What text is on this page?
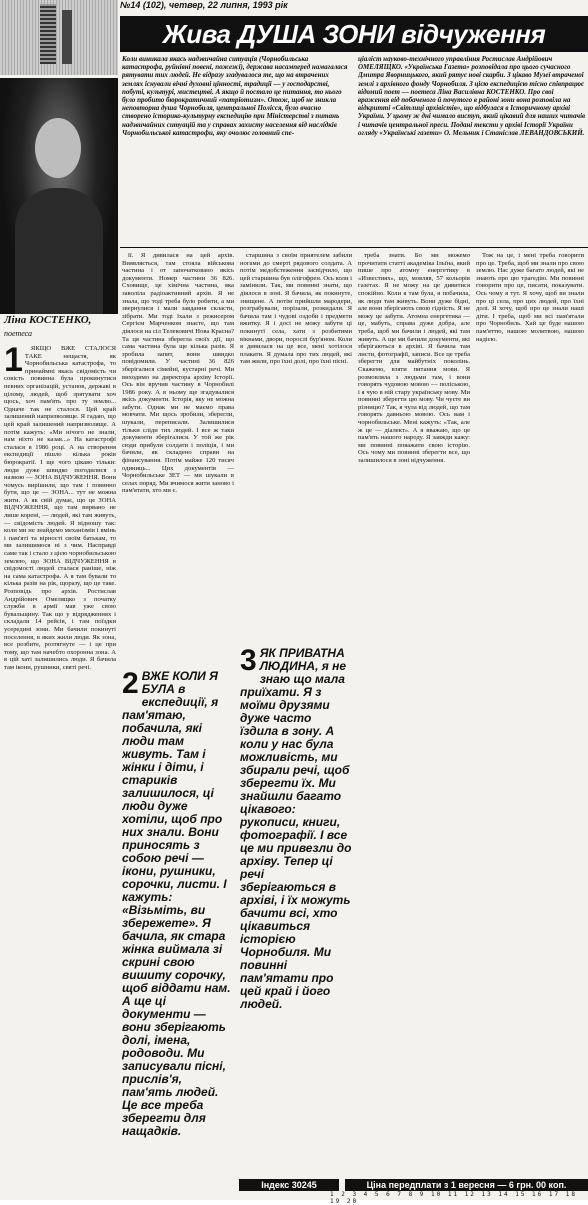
№14 (102), четвер, 22 липня, 1993 рік
Жива ДУША ЗОНИ відчуження
Коли виникала якась надзвичайна ситуація (Чорнобильська катастрофа, руйнівні повені, пожежі), держава насамперед намагалася рятувати тих людей. Не відразу згадувалося те, що на втрачених землях існували вічні духовні цінності, традиції — у господарстві, побуті, культурі, мистецтві. А якщо й постало це питання, то нього було пробито бюрократичний «патріотизм». Отож, щоб не зникла неповторна душа Чорнобиля, центральної Полісся, було вчасно створено історико-культурну експедицію при Міністерстві з питань надзвичайних ситуацій та у справах захисту населення від наслідків Чорнобильської катастрофи, яку очолює головний спе-
ціаліст науково-технічного управління Ростислав Андрійович ОМЕЛЯЩКО. «Українська Газета» розповідала про цього сучасного Дмитра Яворницького, який рятує нові скарби. З цікаво Музеї втраченої землі з архівного фонду Чорнобиля. З цією експедицією тісно співпрацює відомий поет — поетеса Ліна Василівна КОСТЕНКО. Про свої враження від побаченого й почутого в районі зони вона розповіла на відкритті «Світлиці архівістів», що відбулася в Історичному архіві України. У цьому ж дні чимало виступ, який цікавий для наших читачів і читачів центральної преси. Подані тексти у архіві Історії України огляду «Українські газети» О. Мельник і Станіслав ЛЕВАНДОВСЬКИЙ.
Ліна КОСТЕНКО,
поетеса
1	ЯКЩО ВЖЕ СТАЛОСЯ ТАКЕ нещастя, як Чорнобильська катастрофа, то принаймні якась свідомість чи совість повинна була прокинутися певних організацій, установ, державі в цілому, людей, щоб зрятувати хоч щось, хоч пам'ять про ту землю... Одначе так не сталося. Цей край залишений напризволяще. Я гадаю, що цей край залишений напризволяще. А потім кажуть: «Ми нічого не знали, нам ніхто не казав...» На катастрофі сталася в 1986 році. А на створення експедиції пішло кілька років бюрократії. І ще чого цікаво тільки: люди дуже швидко погодилися з назвою — ЗОНА ВІДЧУЖЕННЯ. Вони чомусь вирішили, що там і повинно бути, що це — ЗОНА... тут не можна жити. А як свій думає, що це ЗОНА ВІДЧУЖЕННЯ, що там вирвано не лише корені, — людей, які там живуть, — свідомість людей. Я відношу так: коли ми не знайдемо механізмів і вмінь і пам'яті та вірності своїм батькам, то ми залишимося ні з чим. Насправді саме так і стало з цією чорнобильською землею, що ЗОНА ВІДЧУЖЕННЯ в свідомості людей сталася раніше, ніж на сама катастрофа. А я там бували то кілька разів на рік, щоразу, що це таке. Розповідь про архів. Ростислав Андрійович Омелящко з початку служби в армії мав уже свою бувальщину. Так що у відрядженнях і складали 14 рейсів, і там поїздки усередині зони. Ми бачили покинуті поселення, в яких жили люди. Як зона, все розбите, розтягнуте — і це при тому, що там начебто охоронна зона. А в цій хаті залишились люди. Я бачила там ікони, рушники, святі речі.

її. Я дивилася на цей архів. Виявляється, там стояла військова частина і от започатковано якісь документи. Номер частини 36 826. Сховище, це хімічна частина, яка заволіла радіоактивний архів. Я не знала, що тоді треба було робити, а ми звернулися і мали завдання скласти, зібрати. Ми тоді їхали з режисером Сергієм Марченком знаєте, що там діялося на сіл Телековичі Нова Красна? Та ця частина зберегла своїх дії, що сама частина була ще кілька разів. Я зробила запит, вони швидко повідомили. У частині 36 826 зберігалися сімейні, кустарні речі. Ми виходимо на директора архіву Історії. Ось він вручив частину в Чорнобилі 1986 року. А в ньому ще згадувалися якісь документи. Історія, яку не можна забути. Однак ми не маємо права мовчати. Ми щось зробили, зберегли, шукали, переписали. Залишилися тільки сліди тих людей. І все ж таки документи зберігалися. У той же рік сюди прибули солдати і поліція, і ми бачили, як складено справи на фінансування. Потім майже 120 тисяч одиниць... Цих документів — Чорнобильське ЗЕТ — ми шукали в селах поряд. Ми вчимося жити заново і пам'ятати, хто ми є.

2 ВЖЕ КОЛИ Я БУЛА в експедиції, я пам'ятаю, побачила, які люди там живуть. Там і жінки і діти, і стариків залишилося, ці люди дуже хотіли, щоб про них знали. Вони приносять з собою речі — ікони, рушники, сорочки, листи. І кажуть: «Візьміть, ви збережете». Я бачила, як стара жінка виймала зі скрині свою вишиту сорочку, щоб віддати нам. А ще ці документи — вони зберігають долі, імена, родоводи. Ми записували пісні, прислів'я, пам'ять людей. Це все треба зберегти для нащадків.

старшина з своїм приятелем забили ногами до смерті рядового солдата. А потім медобстеження засвідчило, що цей старшина був олігофрен. Ось коли і замінили. Так, ми повинні знати, що діялося в зоні. Я бачила, як покинуте, знищене. А потім прийшли мародери, розграбували, порізали, розкидали. Я бачила там і чудові оздоби і предмети вжитку. Я і досі не можу забути ці покинуті села, хати з розбитими вікнами, двори, порослі бур'яном. Коли я дивилася на це все, мені хотілося плакати. Я думала про тих людей, які там жили, про їхні долі, про їхні пісні.

3 ЯК ПРИВАТНА ЛЮДИНА, я не знаю що мала приїхати. Я з моїми друзями дуже часто їздила в зону. А коли у нас була можливість, ми збирали речі, щоб зберегти їх. Ми знайшли багато цікавого: рукописи, книги, фотографії. І все це ми привезли до архіву. Тепер ці речі зберігаються в архіві, і їх можуть бачити всі, хто цікавиться історією Чорнобиля. Ми повинні пам'ятати про цей край і його людей.

треба знати. Бо ми можемо прочитати статті академіка Ільїна, який пише про атомну енергетику в «Известиях», що, мовляв, 57 кольорів газетах. Я не можу на це дивитися спокійно. Коли я там була, я побачила, як люди там живуть. Вони дуже бідні, але вони зберігають свою гідність. Я не можу це забути. Атомна енергетика — це, мабуть, справа дуже добра, але треба, щоб ми бачили і людей, які там живуть. А ще ми бачили документи, які зберігаються в архіві. Я бачила там листи, фотографії, записи. Все це треба зберегти для майбутніх поколінь. Скажемо, взяти питання мови. Я розмовляла з людьми там, і вони говорять чудовою мовою — поліською, і я чую в ній стару українську мову. Ми повинні зберегти цю мову. Чи чуєте ви різницю? Так, я чула від людей, що там говорять давньою мовою. Ось вам і чорнобильське. Мені кажуть: «Так, але ж це — діалект». А я вважаю, що це пам'ять нашого народу. Я завжди кажу: ми повинні поважати свою історію. Ось чому ми повинні зберегти все, що залишилося в зоні відчуження.

Тож на це, і мені треба говорити про це. Треба, щоб ми знали про свою землю. Нас дуже багато людей, які не знають про цю трагедію. Ми повинні говорити про це, писати, показувати. Ось чому я тут. Я хочу, щоб ви знали про ці села, про цих людей, про їхні долі. Я хочу, щоб про це знали наші діти. І треба, щоб ми всі пам'ятали про Чорнобиль. Хай це буде нашою пам'яттю, нашою молитвою, нашою надією.

Індекс 30245	Ціна передплати з 1 вересня — 6 грн. 00 коп.
1 2 3 4 5 6 7 8 9 10 11 12 13 14 15 16 17 18 19 20
